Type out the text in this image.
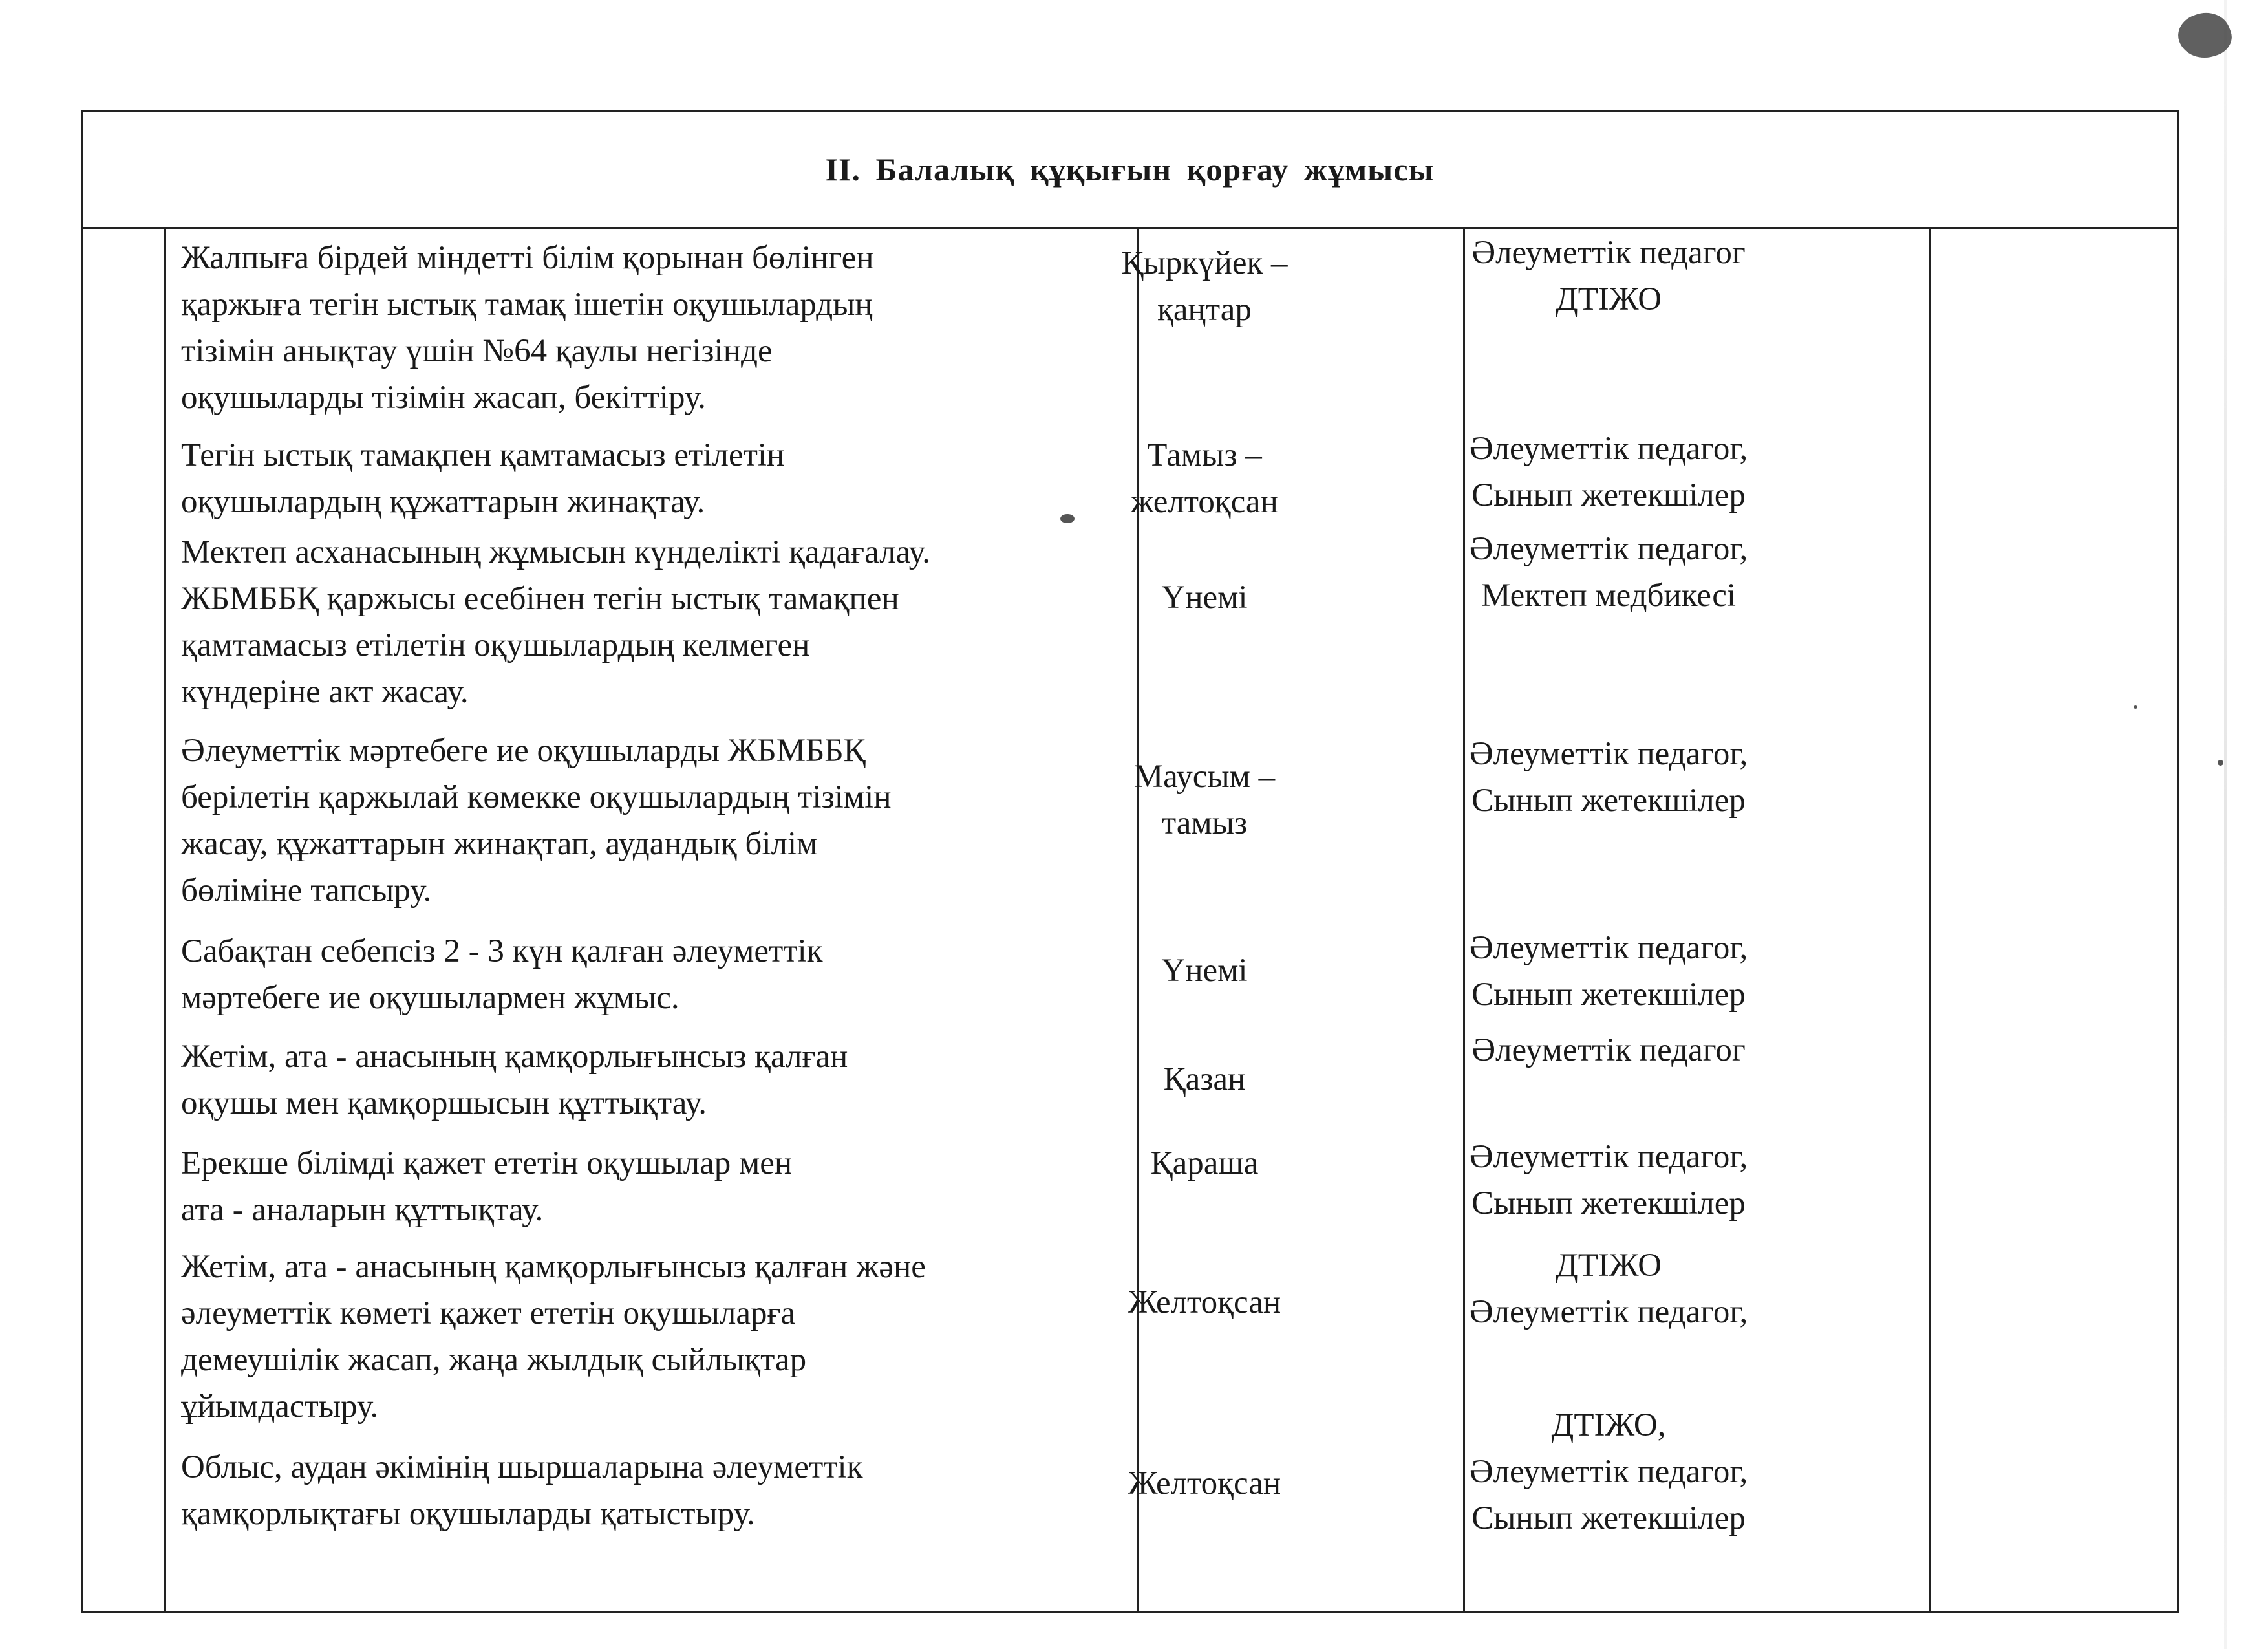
II. Балалық құқығын қорғау жұмысы
Жалпыға бірдей міндетті білім қорынан бөлінген
қаржыға тегін ыстық тамақ ішетін оқушылардың
тізімін анықтау үшін №64 қаулы негізінде
оқушыларды тізімін жасап, бекіттіру.
Қыркүйек –
қаңтар
Әлеуметтік педагог
ДТІЖО
Тегін ыстық тамақпен қамтамасыз етілетін
оқушылардың құжаттарын жинақтау.
Тамыз –
желтоқсан
Әлеуметтік педагог,
Сынып жетекшілер
Мектеп асханасының жұмысын күнделікті қадағалау.
ЖБМББҚ қаржысы есебінен тегін ыстық тамақпен
қамтамасыз етілетін оқушылардың келмеген
күндеріне акт жасау.
Үнемі
Әлеуметтік педагог,
Мектеп медбикесі
Әлеуметтік мәртебеге ие оқушыларды ЖБМББҚ
берілетін қаржылай көмекке оқушылардың тізімін
жасау, құжаттарын жинақтап, аудандық білім
бөліміне тапсыру.
Маусым –
тамыз
Әлеуметтік педагог,
Сынып жетекшілер
Сабақтан себепсіз 2 - 3 күн қалған әлеуметтік
мәртебеге ие оқушылармен жұмыс.
Үнемі
Әлеуметтік педагог,
Сынып жетекшілер
Жетім, ата - анасының қамқорлығынсыз қалған
оқушы мен қамқоршысын құттықтау.
Қазан
Әлеуметтік педагог
Ерекше білімді қажет ететін оқушылар мен
ата - аналарын құттықтау.
Қараша	Әлеуметтік педагог,
Сынып жетекшілер
Жетім, ата - анасының қамқорлығынсыз қалған және
әлеуметтік көметі қажет ететін оқушыларға
демеушілік жасап, жаңа жылдық сыйлықтар
ұйымдастыру.
Желтоқсан
ДТІЖО
Әлеуметтік педагог,
Облыс, аудан әкімінің шыршаларына әлеуметтік
қамқорлықтағы оқушыларды қатыстыру.
Желтоқсан
ДТІЖО,
Әлеуметтік педагог,
Сынып жетекшілер
